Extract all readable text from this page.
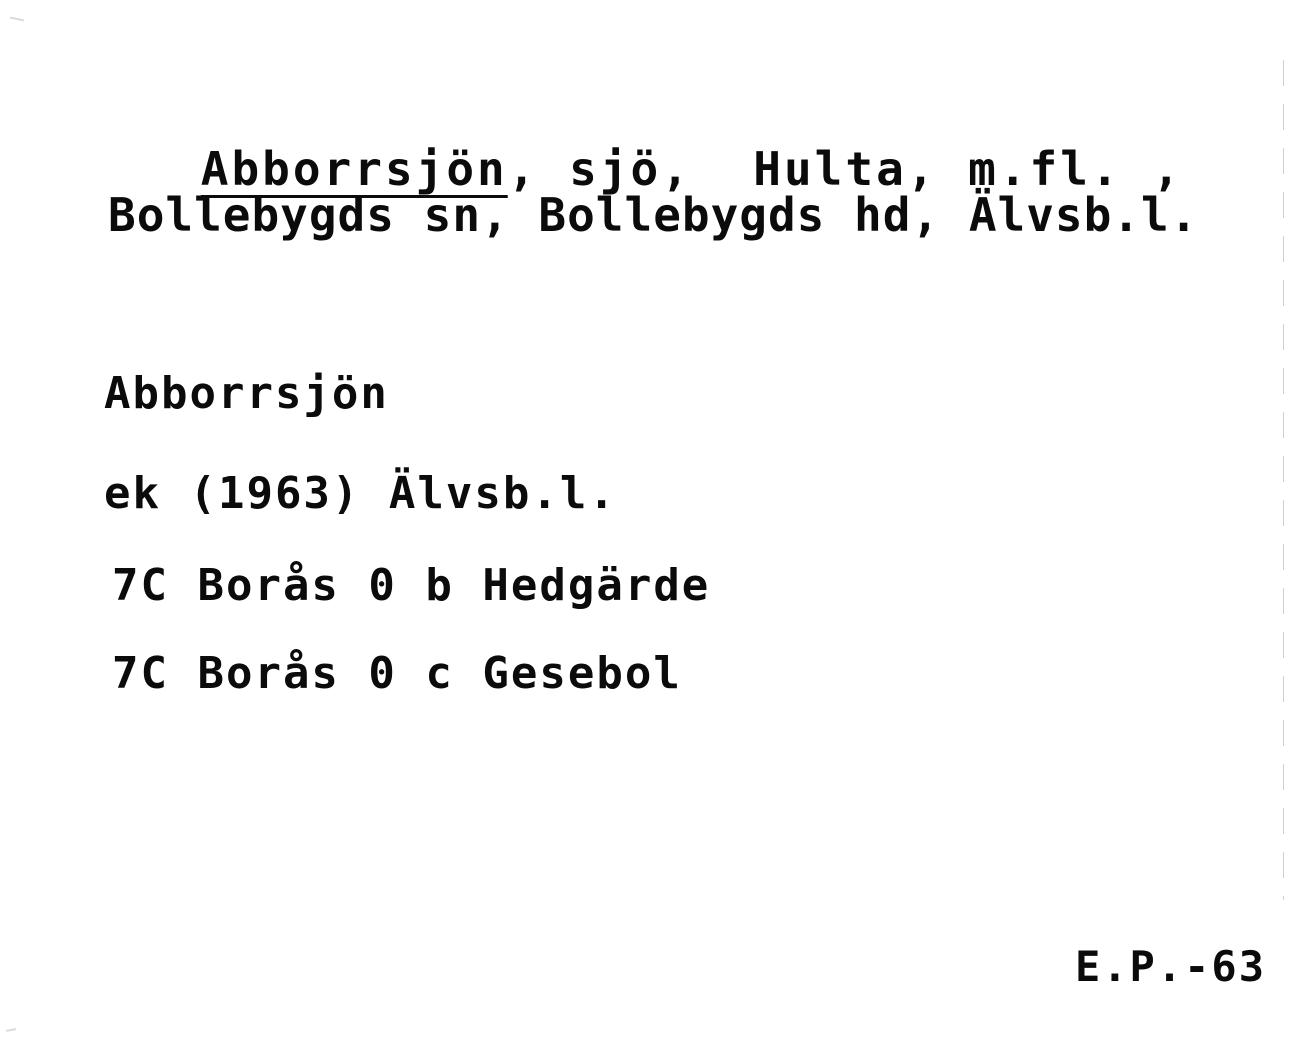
Abborrsjön, sjö,  Hulta, m.fl. ,

Bollebygds sn, Bollebygds hd, Älvsb.l.
Abborrsjön
ek (1963) Älvsb.l.
7C Borås 0 b Hedgärde
7C Borås 0 c Gesebol
E.P.-63
